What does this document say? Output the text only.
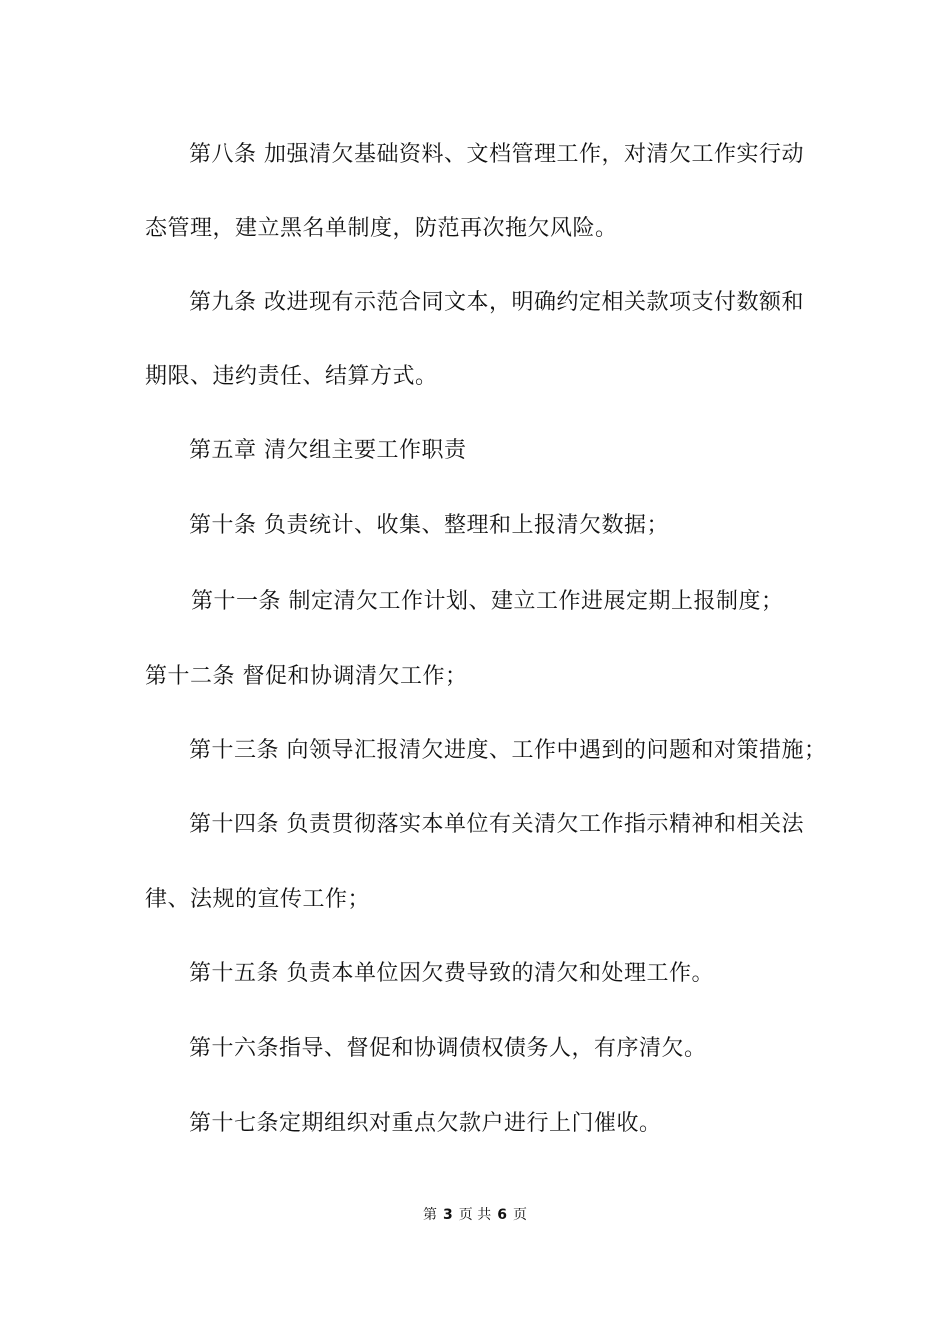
第八条 加强清欠基础资料、文档管理工作，对清欠工作实行动
态管理，建立黑名单制度，防范再次拖欠风险。
第九条 改进现有示范合同文本，明确约定相关款项支付数额和
期限、违约责任、结算方式。
第五章 清欠组主要工作职责
第十条 负责统计、收集、整理和上报清欠数据；
第十一条 制定清欠工作计划、建立工作进展定期上报制度；
第十二条 督促和协调清欠工作；
第十三条 向领导汇报清欠进度、工作中遇到的问题和对策措施；
第十四条 负责贯彻落实本单位有关清欠工作指示精神和相关法
律、法规的宣传工作；
第十五条 负责本单位因欠费导致的清欠和处理工作。
第十六条指导、督促和协调债权债务人，有序清欠。
第十七条定期组织对重点欠款户进行上门催收。
第 3 页 共 6 页
